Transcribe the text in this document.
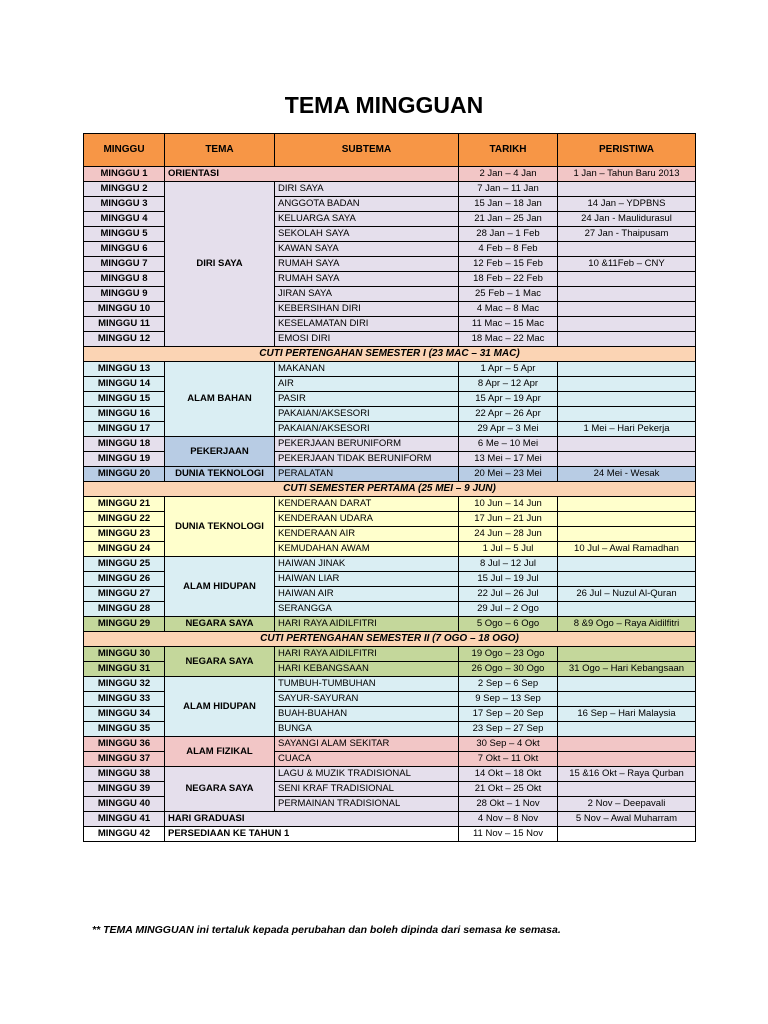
TEMA MINGGUAN
MINGGU	TEMA	SUBTEMA	TARIKH	PERISTIWA
MINGGU 1	ORIENTASI		2 Jan – 4 Jan	1 Jan – Tahun Baru 2013
MINGGU 2	DIRI SAYA	DIRI SAYA	7 Jan – 11 Jan	
MINGGU 3		ANGGOTA BADAN	15 Jan – 18 Jan	14 Jan – YDPBNS
MINGGU 4		KELUARGA SAYA	21 Jan – 25 Jan	24 Jan - Maulidurasul
MINGGU 5		SEKOLAH SAYA	28 Jan – 1 Feb	27 Jan - Thaipusam
MINGGU 6		KAWAN SAYA	4 Feb – 8 Feb	
MINGGU 7		RUMAH SAYA	12 Feb – 15 Feb	10 &11Feb – CNY
MINGGU 8		RUMAH SAYA	18 Feb – 22 Feb	
MINGGU 9		JIRAN SAYA	25 Feb – 1 Mac	
MINGGU 10		KEBERSIHAN DIRI	4 Mac – 8 Mac	
MINGGU 11		KESELAMATAN DIRI	11 Mac – 15 Mac	
MINGGU 12		EMOSI DIRI	18 Mac – 22 Mac	
CUTI PERTENGAHAN SEMESTER I (23 MAC – 31 MAC)				
MINGGU 13	ALAM BAHAN	MAKANAN	1 Apr – 5 Apr	
MINGGU 14		AIR	8 Apr – 12 Apr	
MINGGU 15		PASIR	15 Apr – 19 Apr	
MINGGU 16		PAKAIAN/AKSESORI	22 Apr – 26 Apr	
MINGGU 17		PAKAIAN/AKSESORI	29 Apr – 3 Mei	1 Mei – Hari Pekerja
MINGGU 18	PEKERJAAN	PEKERJAAN BERUNIFORM	6 Me – 10 Mei	
MINGGU 19		PEKERJAAN TIDAK BERUNIFORM	13 Mei – 17 Mei	
MINGGU 20	DUNIA TEKNOLOGI	PERALATAN	20 Mei – 23 Mei	24 Mei - Wesak
CUTI SEMESTER PERTAMA (25 MEI – 9 JUN)				
MINGGU 21	DUNIA TEKNOLOGI	KENDERAAN DARAT	10 Jun – 14 Jun	
MINGGU 22		KENDERAAN UDARA	17 Jun – 21 Jun	
MINGGU 23		KENDERAAN AIR	24 Jun – 28 Jun	
MINGGU 24		KEMUDAHAN AWAM	1 Jul – 5 Jul	10 Jul – Awal Ramadhan
MINGGU 25	ALAM HIDUPAN	HAIWAN JINAK	8 Jul – 12 Jul	
MINGGU 26		HAIWAN LIAR	15 Jul – 19 Jul	
MINGGU 27		HAIWAN AIR	22 Jul – 26 Jul	26 Jul – Nuzul Al-Quran
MINGGU 28		SERANGGA	29 Jul – 2 Ogo	
MINGGU 29	NEGARA SAYA	HARI RAYA AIDILFITRI	5 Ogo – 6 Ogo	8 &9 Ogo – Raya Aidilfitri
CUTI PERTENGAHAN SEMESTER II (7 OGO – 18 OGO)				
MINGGU 30	NEGARA SAYA	HARI RAYA AIDILFITRI	19 Ogo – 23 Ogo	
MINGGU 31		HARI KEBANGSAAN	26 Ogo – 30 Ogo	31 Ogo – Hari Kebangsaan
MINGGU 32	ALAM HIDUPAN	TUMBUH-TUMBUHAN	2 Sep – 6 Sep	
MINGGU 33		SAYUR-SAYURAN	9 Sep – 13 Sep	
MINGGU 34		BUAH-BUAHAN	17 Sep – 20 Sep	16 Sep – Hari Malaysia
MINGGU 35		BUNGA	23 Sep – 27 Sep	
MINGGU 36	ALAM FIZIKAL	SAYANGI ALAM SEKITAR	30 Sep – 4 Okt	
MINGGU 37		CUACA	7 Okt – 11 Okt	
MINGGU 38	NEGARA SAYA	LAGU & MUZIK TRADISIONAL	14 Okt – 18 Okt	15 &16 Okt – Raya Qurban
MINGGU 39		SENI KRAF TRADISIONAL	21 Okt – 25 Okt	
MINGGU 40		PERMAINAN TRADISIONAL	28 Okt – 1 Nov	2 Nov – Deepavali
MINGGU 41	HARI GRADUASI		4 Nov – 8 Nov	5 Nov – Awal Muharram
MINGGU 42	PERSEDIAAN KE TAHUN 1		11 Nov – 15 Nov	
** TEMA MINGGUAN ini tertaluk kepada perubahan dan boleh dipinda dari semasa ke semasa.
